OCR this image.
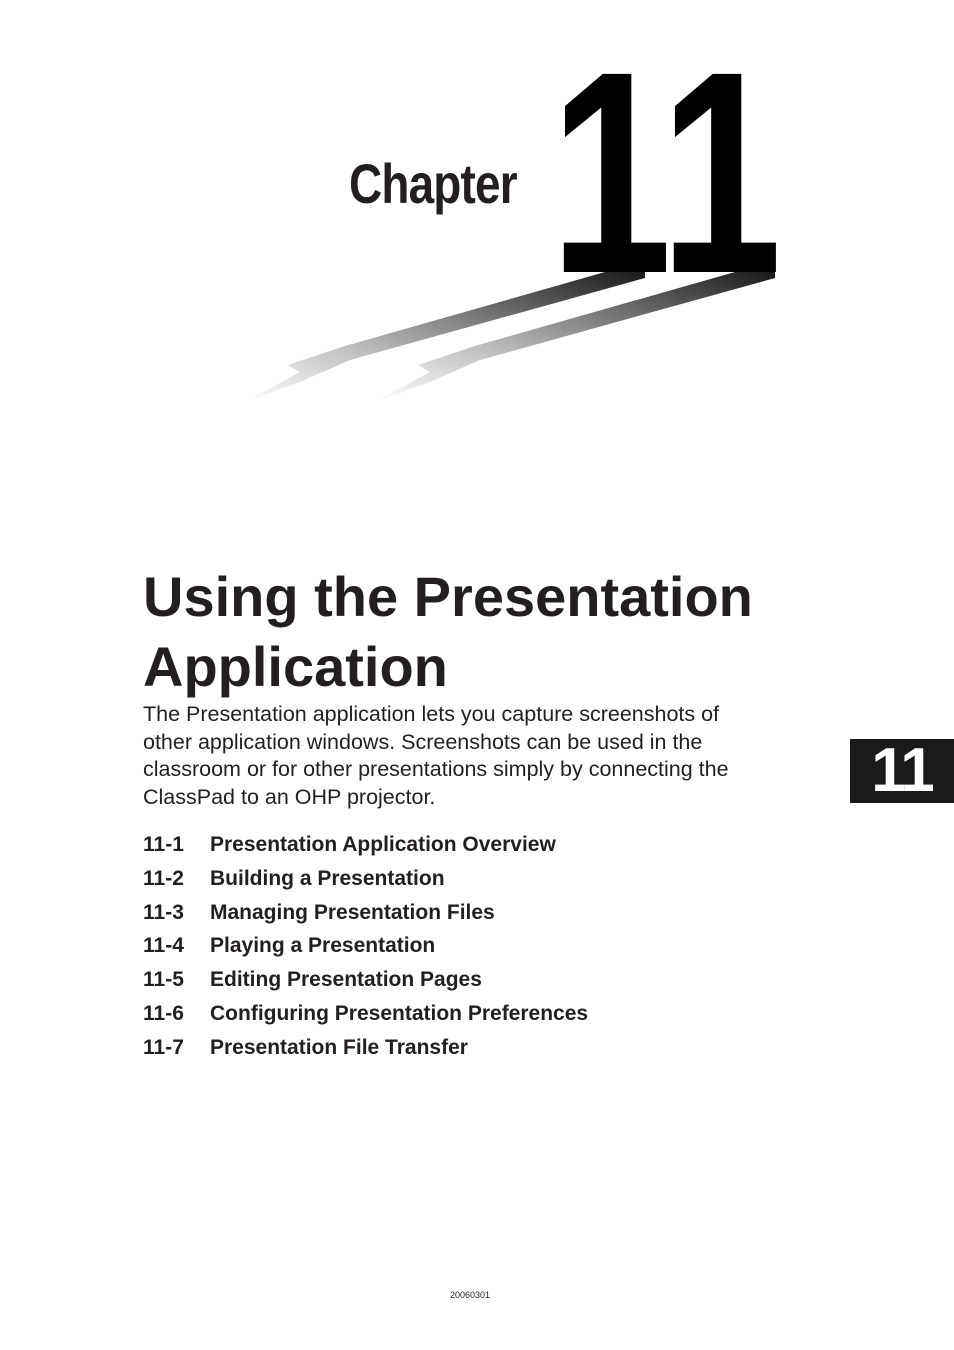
Chapter 11
Using the Presentation
Application

The Presentation application lets you capture screenshots of
other application windows. Screenshots can be used in the
classroom or for other presentations simply by connecting the
ClassPad to an OHP projector.

11-1	Presentation Application Overview
11-2	Building a Presentation
11-3	Managing Presentation Files
11-4	Playing a Presentation
11-5	Editing Presentation Pages
11-6	Configuring Presentation Preferences
11-7	Presentation File Transfer
11
20060301
